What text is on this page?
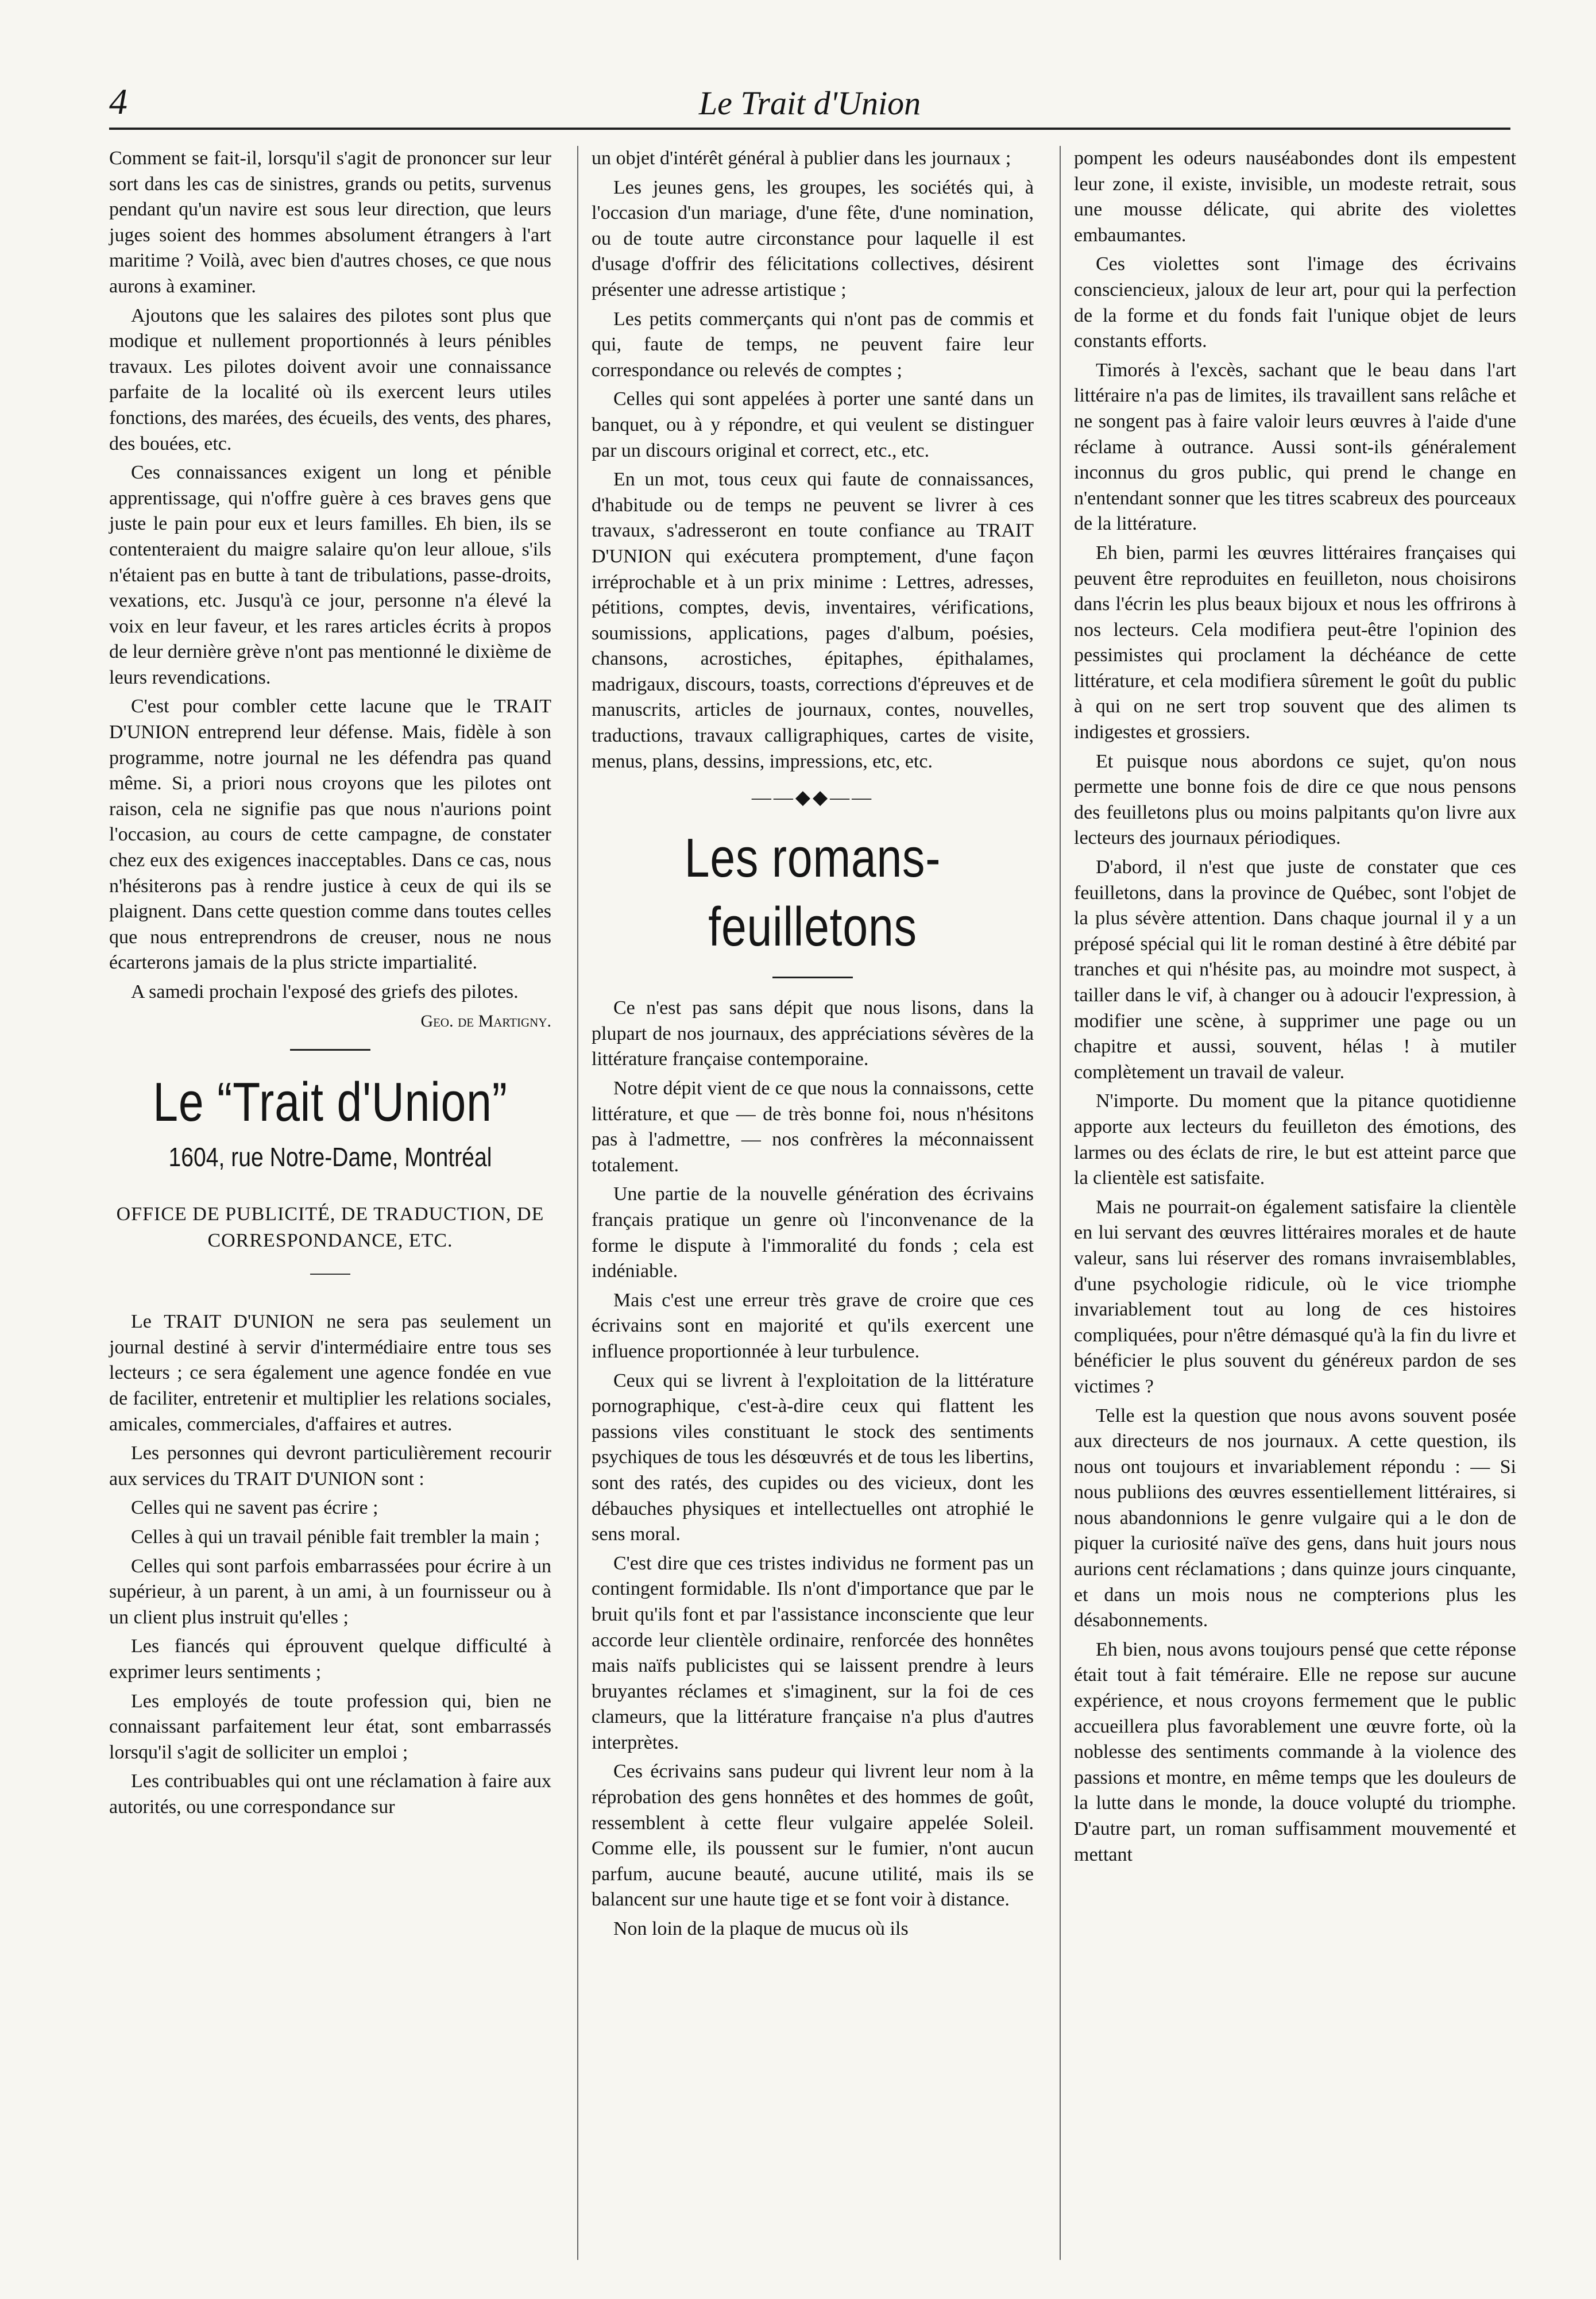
4	Le Trait d'Union

Comment se fait-il, lorsqu'il s'agit de prononcer sur leur sort dans les cas de sinistres, grands ou petits, survenus pendant qu'un navire est sous leur direction, que leurs juges soient des hommes absolument étrangers à l'art maritime ? Voilà, avec bien d'autres choses, ce que nous aurons à examiner.

Ajoutons que les salaires des pilotes sont plus que modique et nullement proportionnés à leurs pénibles travaux. Les pilotes doivent avoir une connaissance parfaite de la localité où ils exercent leurs utiles fonctions, des marées, des écueils, des vents, des phares, des bouées, etc.

Ces connaissances exigent un long et pénible apprentissage, qui n'offre guère à ces braves gens que juste le pain pour eux et leurs familles. Eh bien, ils se contenteraient du maigre salaire qu'on leur alloue, s'ils n'étaient pas en butte à tant de tribulations, passe-droits, vexations, etc. Jusqu'à ce jour, personne n'a élevé la voix en leur faveur, et les rares articles écrits à propos de leur dernière grève n'ont pas mentionné le dixième de leurs revendications.

C'est pour combler cette lacune que le TRAIT D'UNION entreprend leur défense. Mais, fidèle à son programme, notre journal ne les défendra pas quand même. Si, a priori nous croyons que les pilotes ont raison, cela ne signifie pas que nous n'aurions point l'occasion, au cours de cette campagne, de constater chez eux des exigences inacceptables. Dans ce cas, nous n'hésiterons pas à rendre justice à ceux de qui ils se plaignent. Dans cette question comme dans toutes celles que nous entreprendrons de creuser, nous ne nous écarterons jamais de la plus stricte impartialité.

A samedi prochain l'exposé des griefs des pilotes.

Geo. de Martigny.

Le “Trait d'Union”
1604, rue Notre-Dame, Montréal
OFFICE DE PUBLICITÉ, DE TRADUCTION, DE CORRESPONDANCE, ETC.

Le TRAIT D'UNION ne sera pas seulement un journal destiné à servir d'intermédiaire entre tous ses lecteurs ; ce sera également une agence fondée en vue de faciliter, entretenir et multiplier les relations sociales, amicales, commerciales, d'affaires et autres.

Les personnes qui devront particulièrement recourir aux services du TRAIT D'UNION sont :

Celles qui ne savent pas écrire ;

Celles à qui un travail pénible fait trembler la main ;

Celles qui sont parfois embarrassées pour écrire à un supérieur, à un parent, à un ami, à un fournisseur ou à un client plus instruit qu'elles ;

Les fiancés qui éprouvent quelque difficulté à exprimer leurs sentiments ;

Les employés de toute profession qui, bien ne connaissant parfaitement leur état, sont embarrassés lorsqu'il s'agit de solliciter un emploi ;

Les contribuables qui ont une réclamation à faire aux autorités, ou une correspondance sur

un objet d'intérêt général à publier dans les journaux ;

Les jeunes gens, les groupes, les sociétés qui, à l'occasion d'un mariage, d'une fête, d'une nomination, ou de toute autre circonstance pour laquelle il est d'usage d'offrir des félicitations collectives, désirent présenter une adresse artistique ;

Les petits commerçants qui n'ont pas de commis et qui, faute de temps, ne peuvent faire leur correspondance ou relevés de comptes ;

Celles qui sont appelées à porter une santé dans un banquet, ou à y répondre, et qui veulent se distinguer par un discours original et correct, etc., etc.

En un mot, tous ceux qui faute de connaissances, d'habitude ou de temps ne peuvent se livrer à ces travaux, s'adresseront en toute confiance au TRAIT D'UNION qui exécutera promptement, d'une façon irréprochable et à un prix minime : Lettres, adresses, pétitions, comptes, devis, inventaires, vérifications, soumissions, applications, pages d'album, poésies, chansons, acrostiches, épitaphes, épithalames, madrigaux, discours, toasts, corrections d'épreuves et de manuscrits, articles de journaux, contes, nouvelles, traductions, travaux calligraphiques, cartes de visite, menus, plans, dessins, impressions, etc, etc.

——◆◆——
Les romans-feuilletons

Ce n'est pas sans dépit que nous lisons, dans la plupart de nos journaux, des appréciations sévères de la littérature française contemporaine.

Notre dépit vient de ce que nous la connaissons, cette littérature, et que — de très bonne foi, nous n'hésitons pas à l'admettre, — nos confrères la méconnaissent totalement.

Une partie de la nouvelle génération des écrivains français pratique un genre où l'inconvenance de la forme le dispute à l'immoralité du fonds ; cela est indéniable.

Mais c'est une erreur très grave de croire que ces écrivains sont en majorité et qu'ils exercent une influence proportionnée à leur turbulence.

Ceux qui se livrent à l'exploitation de la littérature pornographique, c'est-à-dire ceux qui flattent les passions viles constituant le stock des sentiments psychiques de tous les désœuvrés et de tous les libertins, sont des ratés, des cupides ou des vicieux, dont les débauches physiques et intellectuelles ont atrophié le sens moral.

C'est dire que ces tristes individus ne forment pas un contingent formidable. Ils n'ont d'importance que par le bruit qu'ils font et par l'assistance inconsciente que leur accorde leur clientèle ordinaire, renforcée des honnêtes mais naïfs publicistes qui se laissent prendre à leurs bruyantes réclames et s'imaginent, sur la foi de ces clameurs, que la littérature française n'a plus d'autres interprètes.

Ces écrivains sans pudeur qui livrent leur nom à la réprobation des gens honnêtes et des hommes de goût, ressemblent à cette fleur vulgaire appelée Soleil. Comme elle, ils poussent sur le fumier, n'ont aucun parfum, aucune beauté, aucune utilité, mais ils se balancent sur une haute tige et se font voir à distance.

Non loin de la plaque de mucus où ils

pompent les odeurs nauséabondes dont ils empestent leur zone, il existe, invisible, un modeste retrait, sous une mousse délicate, qui abrite des violettes embaumantes.

Ces violettes sont l'image des écrivains consciencieux, jaloux de leur art, pour qui la perfection de la forme et du fonds fait l'unique objet de leurs constants efforts.

Timorés à l'excès, sachant que le beau dans l'art littéraire n'a pas de limites, ils travaillent sans relâche et ne songent pas à faire valoir leurs œuvres à l'aide d'une réclame à outrance. Aussi sont-ils généralement inconnus du gros public, qui prend le change en n'entendant sonner que les titres scabreux des pourceaux de la littérature.

Eh bien, parmi les œuvres littéraires françaises qui peuvent être reproduites en feuilleton, nous choisirons dans l'écrin les plus beaux bijoux et nous les offrirons à nos lecteurs. Cela modifiera peut-être l'opinion des pessimistes qui proclament la déchéance de cette littérature, et cela modifiera sûrement le goût du public à qui on ne sert trop souvent que des alimen ts indigestes et grossiers.

Et puisque nous abordons ce sujet, qu'on nous permette une bonne fois de dire ce que nous pensons des feuilletons plus ou moins palpitants qu'on livre aux lecteurs des journaux périodiques.

D'abord, il n'est que juste de constater que ces feuilletons, dans la province de Québec, sont l'objet de la plus sévère attention. Dans chaque journal il y a un préposé spécial qui lit le roman destiné à être débité par tranches et qui n'hésite pas, au moindre mot suspect, à tailler dans le vif, à changer ou à adoucir l'expression, à modifier une scène, à supprimer une page ou un chapitre et aussi, souvent, hélas ! à mutiler complètement un travail de valeur.

N'importe. Du moment que la pitance quotidienne apporte aux lecteurs du feuilleton des émotions, des larmes ou des éclats de rire, le but est atteint parce que la clientèle est satisfaite.

Mais ne pourrait-on également satisfaire la clientèle en lui servant des œuvres littéraires morales et de haute valeur, sans lui réserver des romans invraisemblables, d'une psychologie ridicule, où le vice triomphe invariablement tout au long de ces histoires compliquées, pour n'être démasqué qu'à la fin du livre et bénéficier le plus souvent du généreux pardon de ses victimes ?

Telle est la question que nous avons souvent posée aux directeurs de nos journaux. A cette question, ils nous ont toujours et invariablement répondu : — Si nous publiions des œuvres essentiellement littéraires, si nous abandonnions le genre vulgaire qui a le don de piquer la curiosité naïve des gens, dans huit jours nous aurions cent réclamations ; dans quinze jours cinquante, et dans un mois nous ne compterions plus les désabonnements.

Eh bien, nous avons toujours pensé que cette réponse était tout à fait téméraire. Elle ne repose sur aucune expérience, et nous croyons fermement que le public accueillera plus favorablement une œuvre forte, où la noblesse des sentiments commande à la violence des passions et montre, en même temps que les douleurs de la lutte dans le monde, la douce volupté du triomphe. D'autre part, un roman suffisamment mouvementé et mettant
